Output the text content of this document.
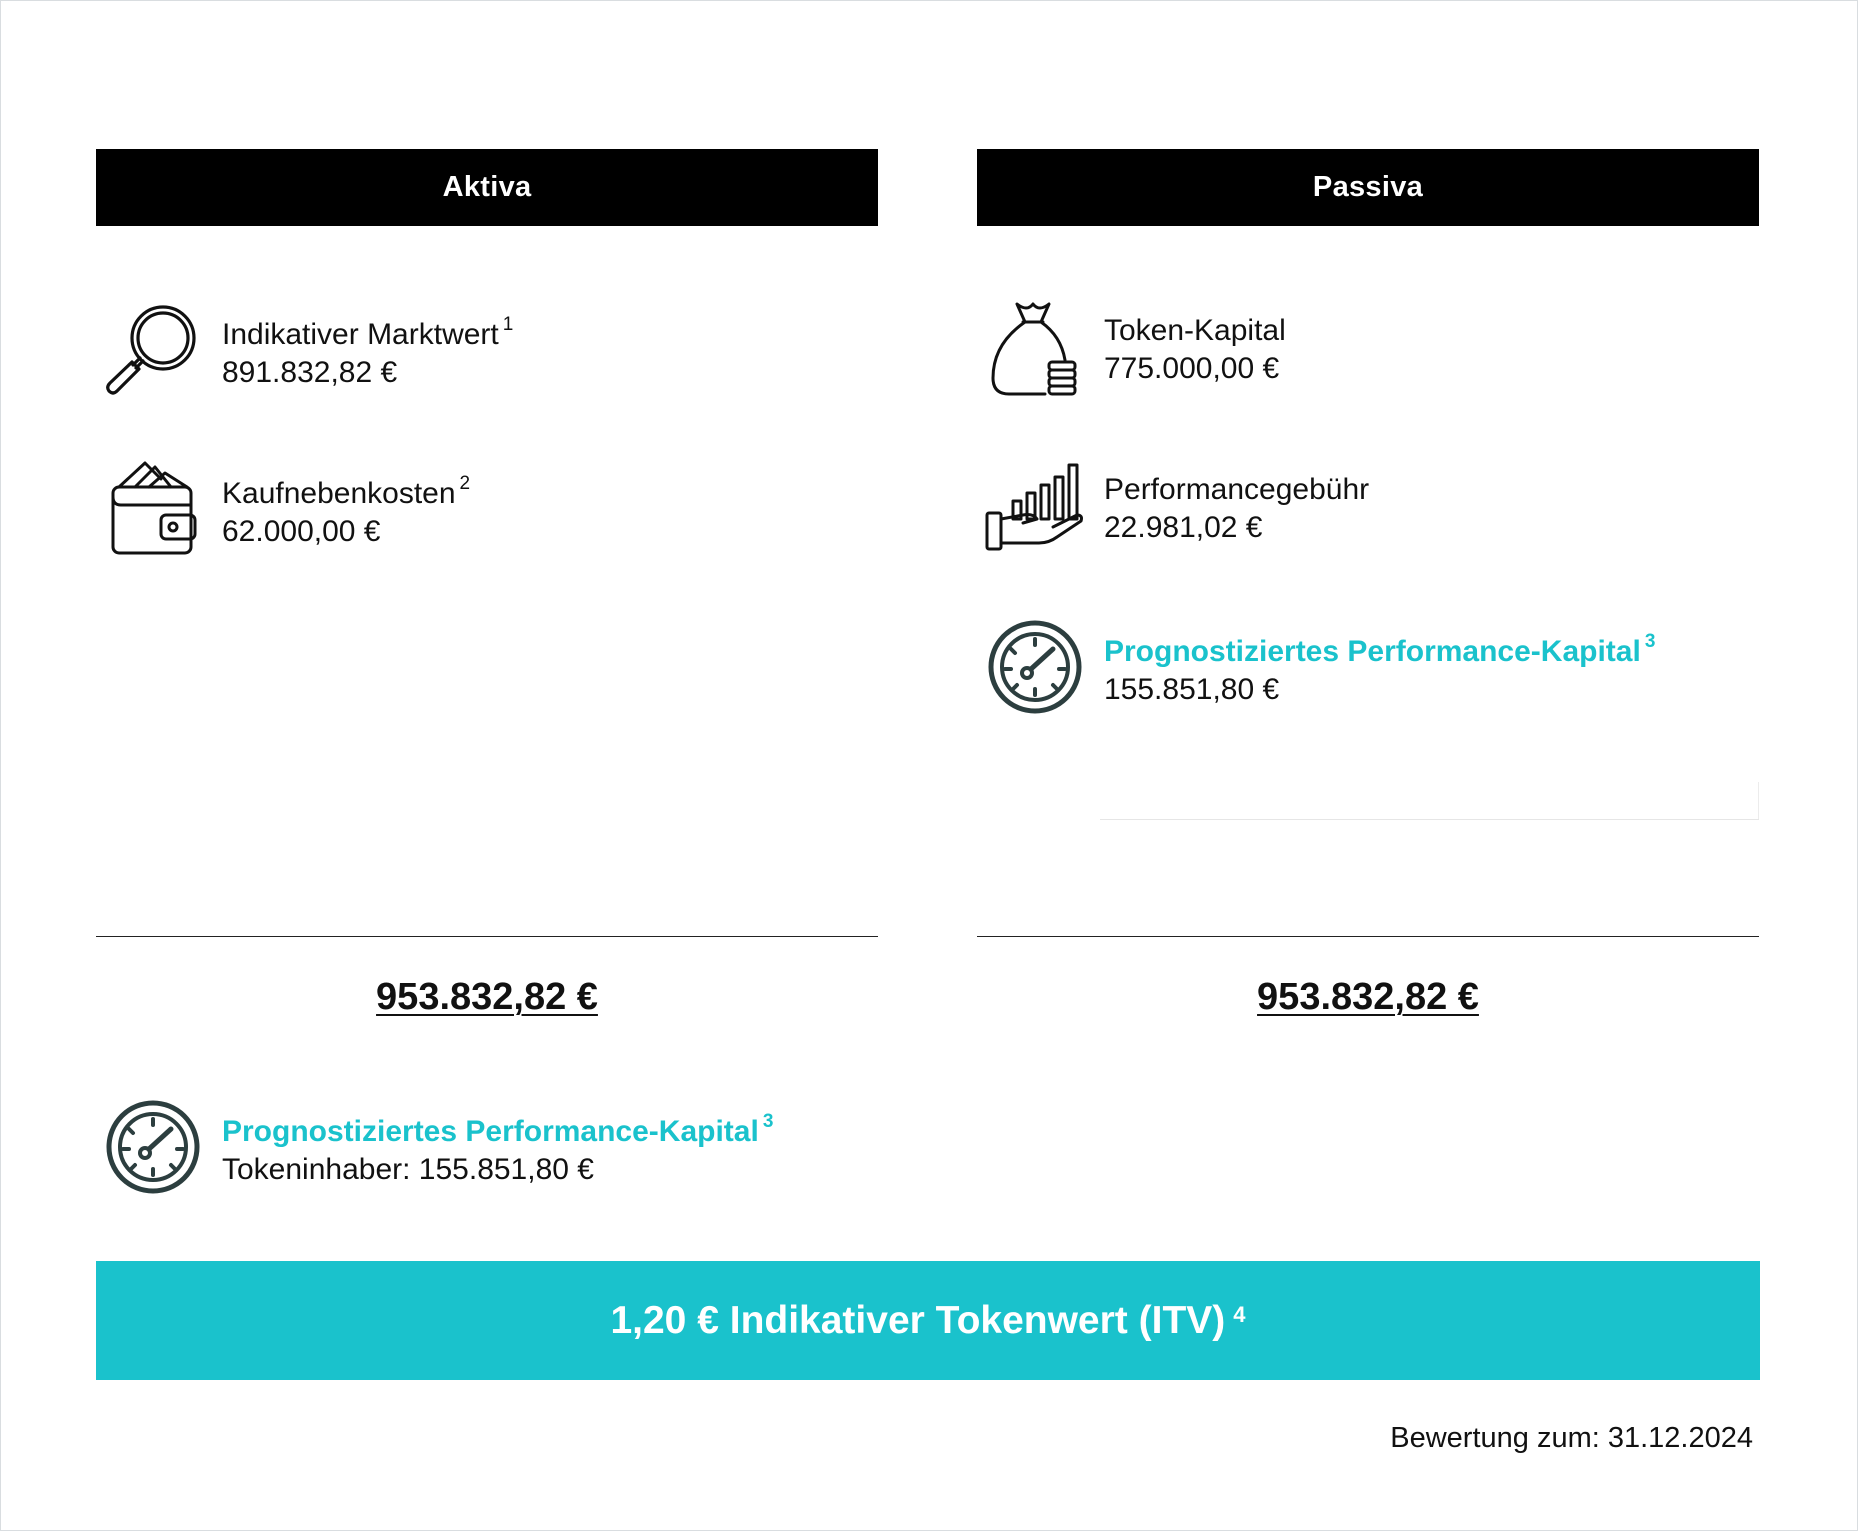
Aktiva	Passiva
Indikativer Marktwert $^1$
891.832,82 €
Kaufnebenkosten $^2$
62.000,00 €
Token-Kapital
775.000,00 €
Performancegebühr
22.981,02 €
Prognostiziertes Performance-Kapital $^3$
155.851,80 €
953.832,82 €	953.832,82 €
Prognostiziertes Performance-Kapital $^3$
Tokeninhaber: 155.851,80 €
1,20 € Indikativer Tokenwert (ITV) $^4$
Bewertung zum: 31.12.2024
